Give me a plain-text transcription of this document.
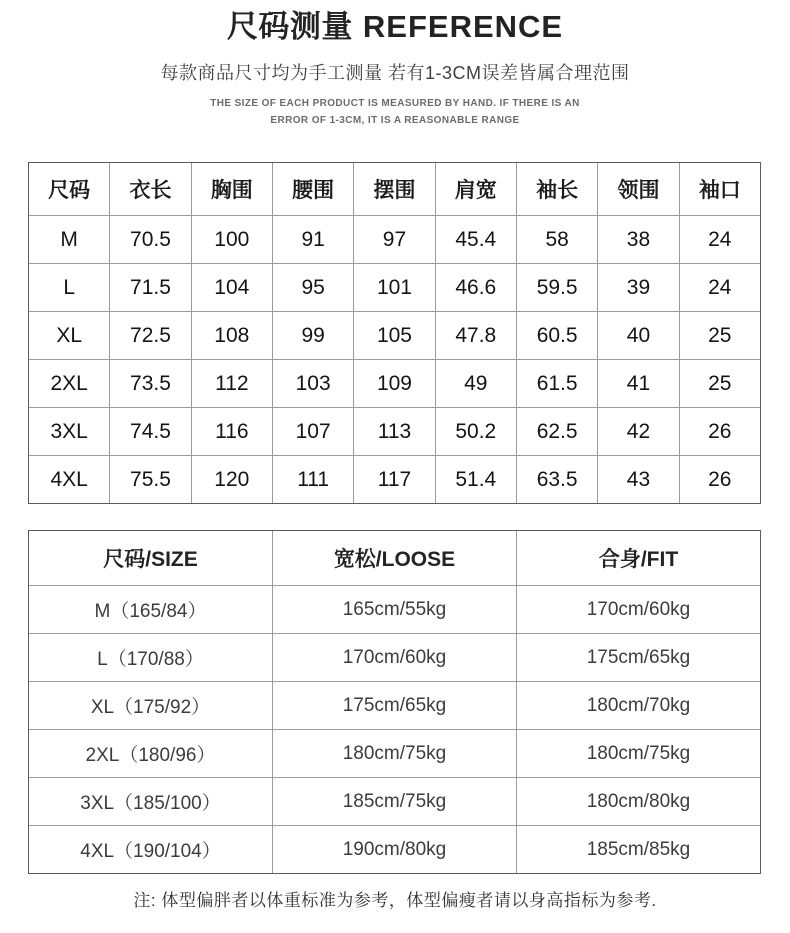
尺码测量 REFERENCE
每款商品尺寸均为手工测量 若有1-3CM误差皆属合理范围
THE SIZE OF EACH PRODUCT IS MEASURED BY HAND. IF THERE IS AN
ERROR OF 1-3CM, IT IS A REASONABLE RANGE
尺码	衣长	胸围	腰围	摆围	肩宽	袖长	领围	袖口
M	70.5	100	91	97	45.4	58	38	24
L	71.5	104	95	101	46.6	59.5	39	24
XL	72.5	108	99	105	47.8	60.5	40	25
2XL	73.5	112	103	109	49	61.5	41	25
3XL	74.5	116	107	113	50.2	62.5	42	26
4XL	75.5	120	111	117	51.4	63.5	43	26
尺码/SIZE	宽松/LOOSE	合身/FIT
M（165/84）	165cm/55kg	170cm/60kg
L（170/88）	170cm/60kg	175cm/65kg
XL（175/92）	175cm/65kg	180cm/70kg
2XL（180/96）	180cm/75kg	180cm/75kg
3XL（185/100）	185cm/75kg	180cm/80kg
4XL（190/104）	190cm/80kg	185cm/85kg
注: 体型偏胖者以体重标准为参考，体型偏瘦者请以身高指标为参考.
